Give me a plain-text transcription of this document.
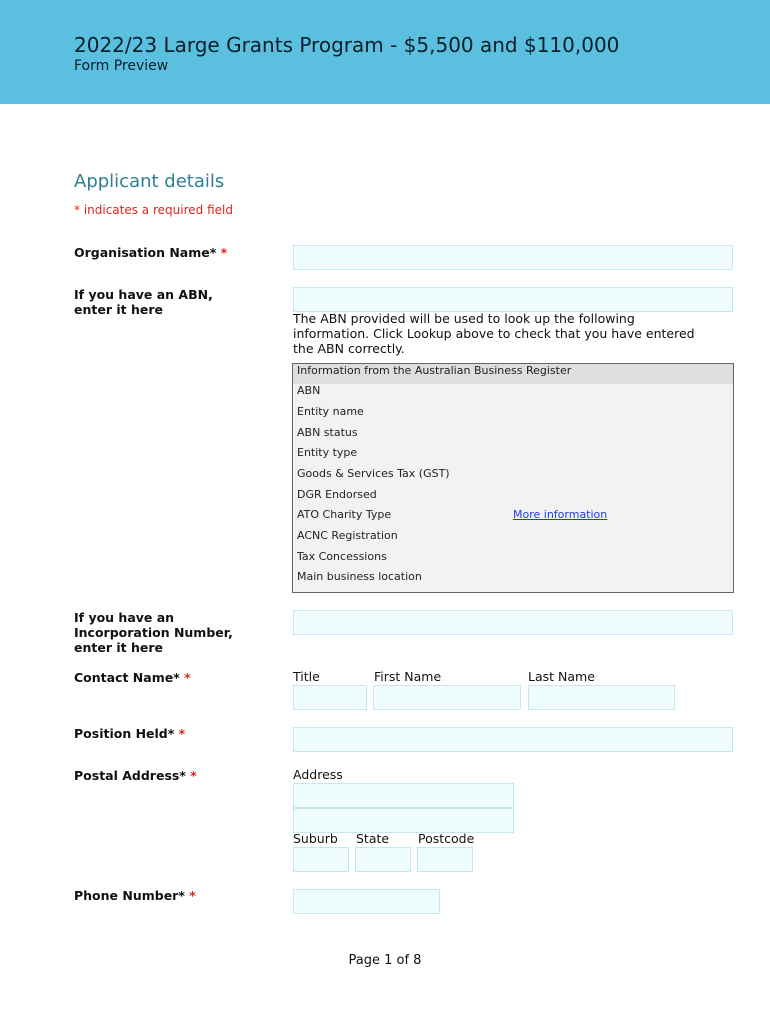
2022/23 Large Grants Program - $5,500 and $110,000
Form Preview
Applicant details
* indicates a required field
Organisation Name* *
If you have an ABN, enter it here
The ABN provided will be used to look up the following information. Click Lookup above to check that you have entered the ABN correctly.
Information from the Australian Business Register
ABN
Entity name
ABN status
Entity type
Goods & Services Tax (GST)
DGR Endorsed
ATO Charity Type	More information
ACNC Registration
Tax Concessions
Main business location
If you have an Incorporation Number, enter it here
Contact Name* *	Title	First Name	Last Name
Position Held* *
Postal Address* *	Address
Suburb State Postcode
Phone Number* *
Page 1 of 8
